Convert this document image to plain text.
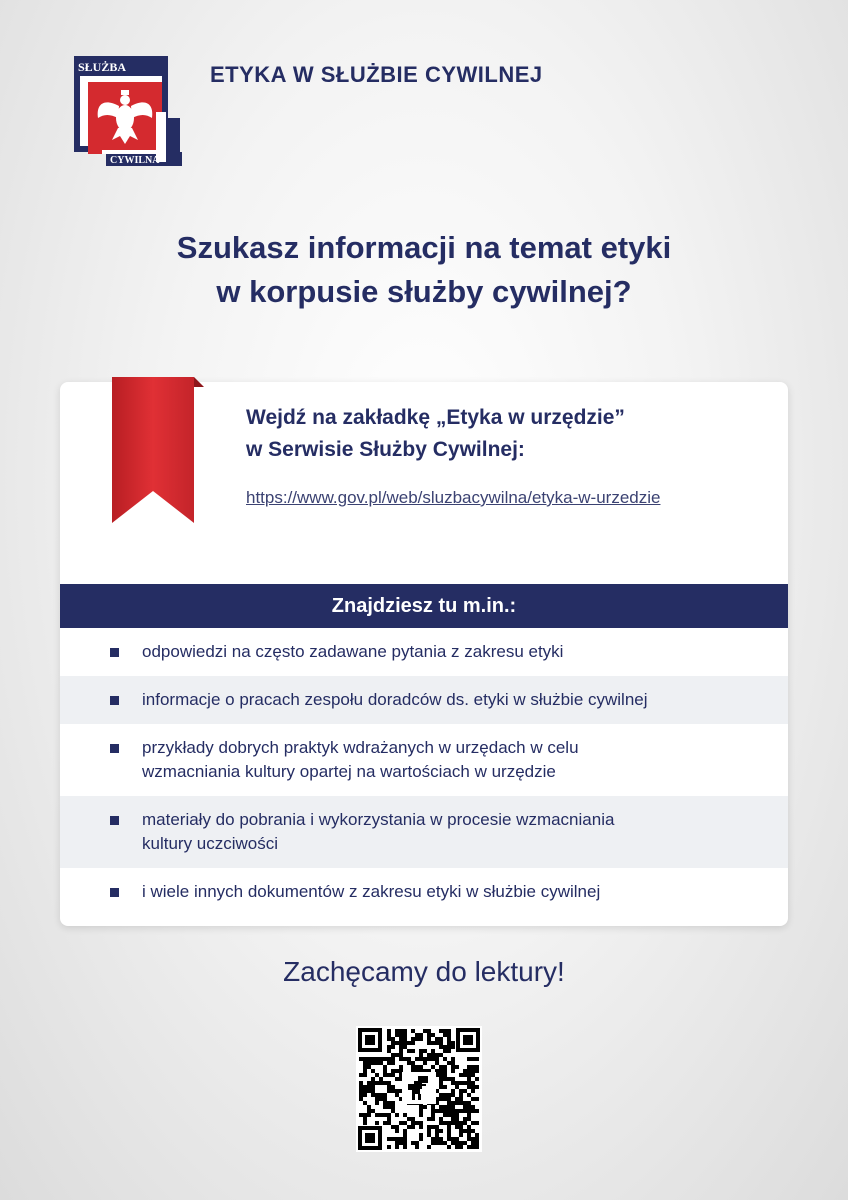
SŁUŻBA
CYWILNA
ETYKA W SŁUŻBIE CYWILNEJ
Szukasz informacji na temat etyki
w korpusie służby cywilnej?
Wejdź na zakładkę „Etyka w urzędzie”
w Serwisie Służby Cywilnej:
https://www.gov.pl/web/sluzbacywilna/etyka-w-urzedzie
Znajdziesz tu m.in.:
odpowiedzi na często zadawane pytania z zakresu etyki
informacje o pracach zespołu doradców ds. etyki w służbie cywilnej
przykłady dobrych praktyk wdrażanych w urzędach w celu
wzmacniania kultury opartej na wartościach w urzędzie
materiały do pobrania i wykorzystania w procesie wzmacniania
kultury uczciwości
i wiele innych dokumentów z zakresu etyki w służbie cywilnej
Zachęcamy do lektury!
